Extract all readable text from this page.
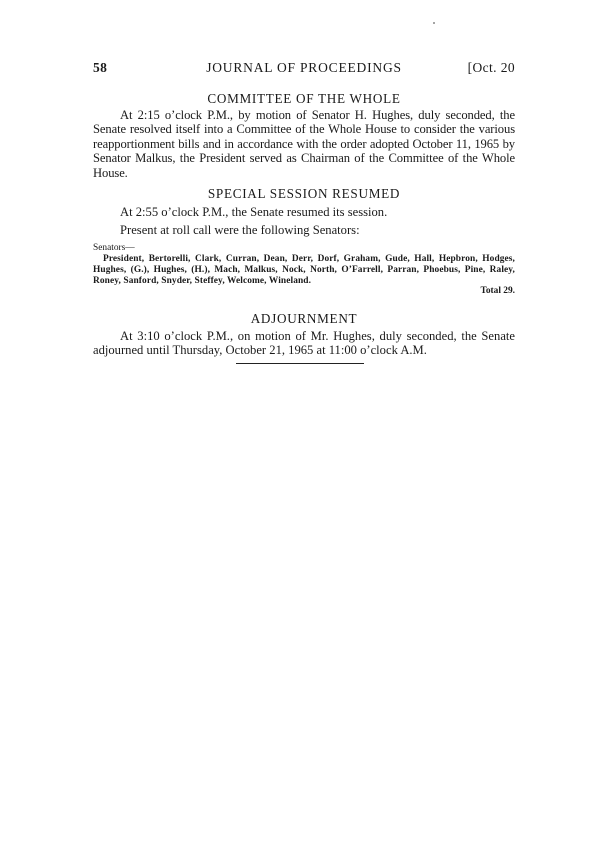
58	JOURNAL OF PROCEEDINGS	[Oct. 20
COMMITTEE OF THE WHOLE

At 2:15 o’clock P.M., by motion of Senator H. Hughes, duly seconded, the Senate resolved itself into a Committee of the Whole House to consider the various reapportionment bills and in accordance with the order adopted October 11, 1965 by Senator Malkus, the President served as Chairman of the Committee of the Whole House.

SPECIAL SESSION RESUMED

At 2:55 o’clock P.M., the Senate resumed its session.

Present at roll call were the following Senators:

Senators—

President, Bertorelli, Clark, Curran, Dean, Derr, Dorf, Graham, Gude, Hall, Hepbron, Hodges, Hughes, (G.), Hughes, (H.), Mach, Malkus, Nock, North, O’Farrell, Parran, Phoebus, Pine, Raley, Roney, Sanford, Snyder, Steffey, Welcome, Wineland.

Total 29.

ADJOURNMENT

At 3:10 o’clock P.M., on motion of Mr. Hughes, duly seconded, the Senate adjourned until Thursday, October 21, 1965 at 11:00 o’clock A.M.
